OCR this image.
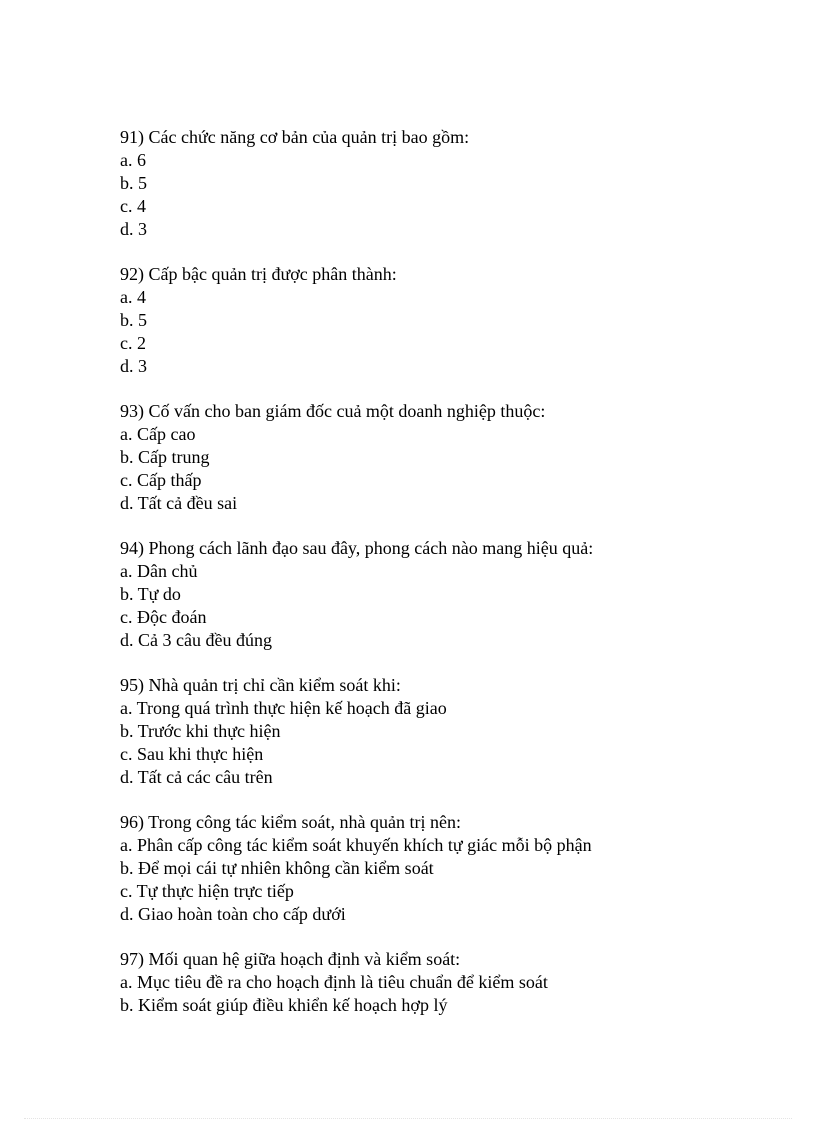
91) Các chức năng cơ bản của quản trị bao gồm:
a. 6
b. 5
c. 4
d. 3
92) Cấp bậc quản trị được phân thành:
a. 4
b. 5
c. 2
d. 3
93) Cố vấn cho ban giám đốc cuả một doanh nghiệp thuộc:
a. Cấp cao
b. Cấp trung
c. Cấp thấp
d. Tất cả đều sai
94) Phong cách lãnh đạo sau đây, phong cách nào mang hiệu quả:
a. Dân chủ
b. Tự do
c. Độc đoán
d. Cả 3 câu đều đúng
95) Nhà quản trị chỉ cần kiểm soát khi:
a. Trong quá trình thực hiện kế hoạch đã giao
b. Trước khi thực hiện
c. Sau khi thực hiện
d. Tất cả các câu trên
96) Trong công tác kiểm soát, nhà quản trị nên:
a. Phân cấp công tác kiểm soát khuyến khích tự giác mỗi bộ phận
b. Để mọi cái tự nhiên không cần kiểm soát
c. Tự thực hiện trực tiếp
d. Giao hoàn toàn cho cấp dưới
97) Mối quan hệ giữa hoạch định và kiểm soát:
a. Mục tiêu đề ra cho hoạch định là tiêu chuẩn để kiểm soát
b. Kiểm soát giúp điều khiển kế hoạch hợp lý
